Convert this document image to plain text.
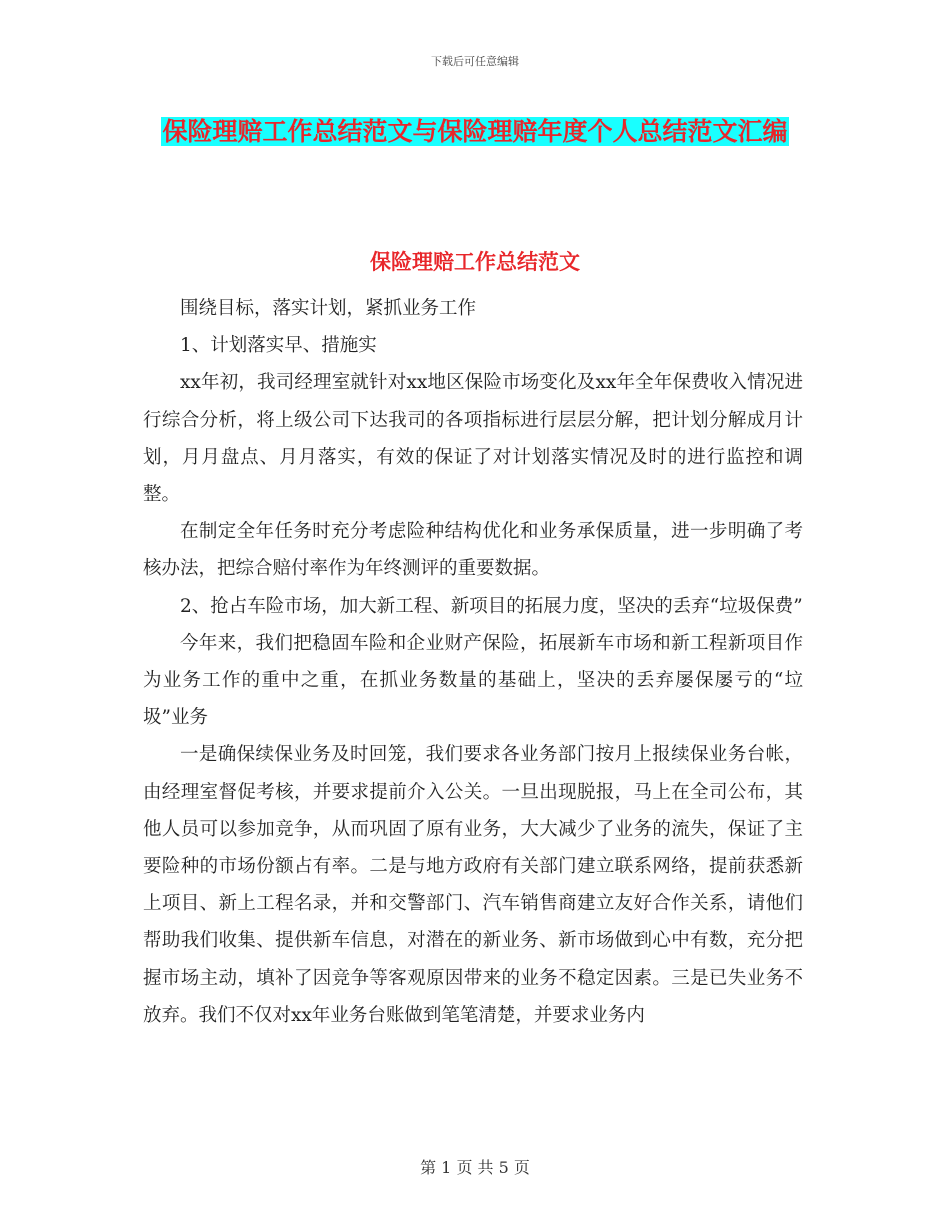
下载后可任意编辑
保险理赔工作总结范文与保险理赔年度个人总结范文汇编
保险理赔工作总结范文

围绕目标，落实计划，紧抓业务工作

1、计划落实早、措施实

xx年初，我司经理室就针对xx地区保险市场变化及xx年全年保费收入情况进行综合分析，将上级公司下达我司的各项指标进行层层分解，把计划分解成月计划，月月盘点、月月落实，有效的保证了对计划落实情况及时的进行监控和调整。

在制定全年任务时充分考虑险种结构优化和业务承保质量，进一步明确了考核办法，把综合赔付率作为年终测评的重要数据。

2、抢占车险市场，加大新工程、新项目的拓展力度，坚决的丢弃“垃圾保费”

今年来，我们把稳固车险和企业财产保险，拓展新车市场和新工程新项目作为业务工作的重中之重，在抓业务数量的基础上，坚决的丢弃屡保屡亏的“垃圾”业务

一是确保续保业务及时回笼，我们要求各业务部门按月上报续保业务台帐，由经理室督促考核，并要求提前介入公关。一旦出现脱报，马上在全司公布，其他人员可以参加竞争，从而巩固了原有业务，大大减少了业务的流失，保证了主要险种的市场份额占有率。二是与地方政府有关部门建立联系网络，提前获悉新上项目、新上工程名录，并和交警部门、汽车销售商建立友好合作关系，请他们帮助我们收集、提供新车信息，对潜在的新业务、新市场做到心中有数，充分把握市场主动，填补了因竞争等客观原因带来的业务不稳定因素。三是已失业务不放弃。我们不仅对xx年业务台账做到笔笔清楚，并要求业务内

第 1 页 共 5 页
